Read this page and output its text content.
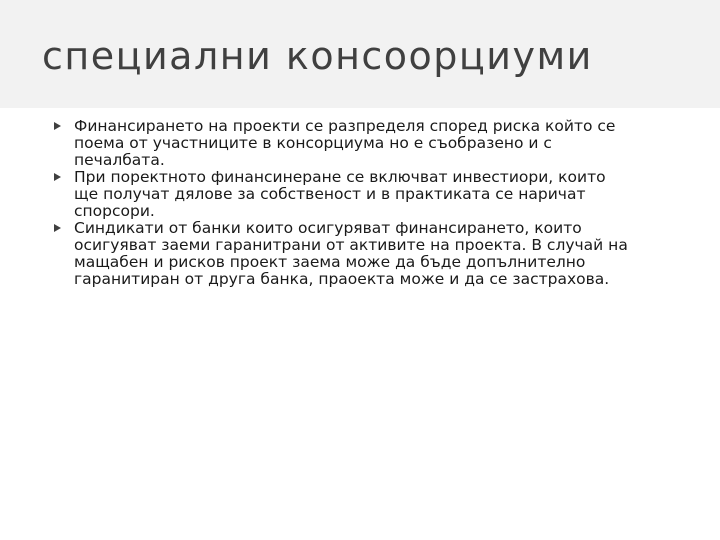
специални консоорциуми
Финансирането на проекти се разпределя според риска който се
поема от участниците в консорциума но е съобразено и с
печалбата.
При поректното финансинеране се включват инвестиори, които
ще получат дялове за собственост и в практиката се наричат
спорсори.
Синдикати от банки които осигуряват финансирането, които
осигуяват заеми гаранитрани от активите на проекта. В случай на
мащабен и рисков проект заема може да бъде допълнително
гаранитиран от друга банка, праоекта може и да се застрахова.
